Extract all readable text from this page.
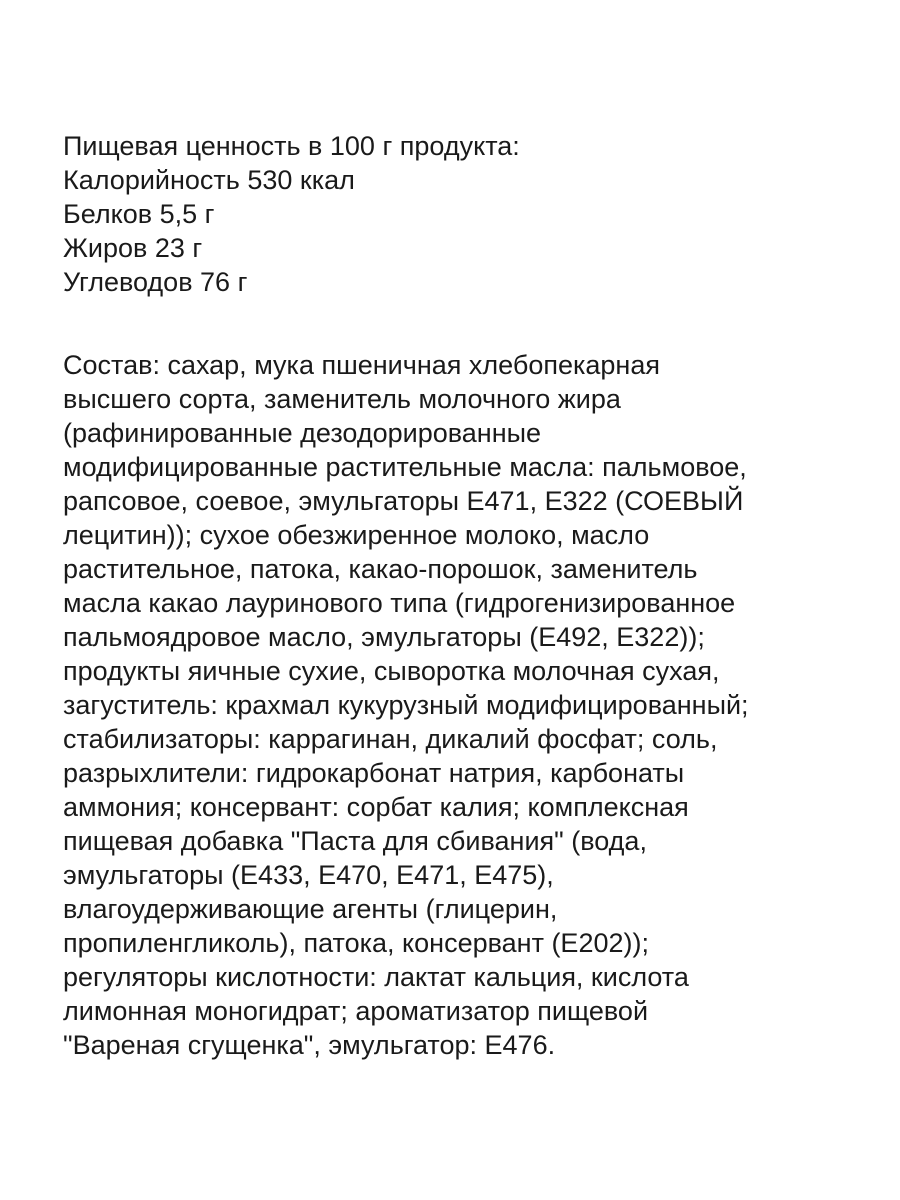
Пищевая ценность в 100 г продукта:
Калорийность 530 ккал
Белков 5,5 г
Жиров 23 г
Углеводов 76 г
Состав: сахар, мука пшеничная хлебопекарная
высшего сорта, заменитель молочного жира
(рафинированные дезодорированные
модифицированные растительные масла: пальмовое,
рапсовое, соевое, эмульгаторы Е471, Е322 (СОЕВЫЙ
лецитин)); сухое обезжиренное молоко, масло
растительное, патока, какао-порошок, заменитель
масла какао лауринового типа (гидрогенизированное
пальмоядровое масло, эмульгаторы (Е492, Е322));
продукты яичные сухие, сыворотка молочная сухая,
загуститель: крахмал кукурузный модифицированный;
стабилизаторы: каррагинан, дикалий фосфат; соль,
разрыхлители: гидрокарбонат натрия, карбонаты
аммония; консервант: сорбат калия; комплексная
пищевая добавка "Паста для сбивания" (вода,
эмульгаторы (Е433, Е470, Е471, Е475),
влагоудерживающие агенты (глицерин,
пропиленгликоль), патока, консервант (Е202));
регуляторы кислотности: лактат кальция, кислота
лимонная моногидрат; ароматизатор пищевой
"Вареная сгущенка", эмульгатор: Е476.
